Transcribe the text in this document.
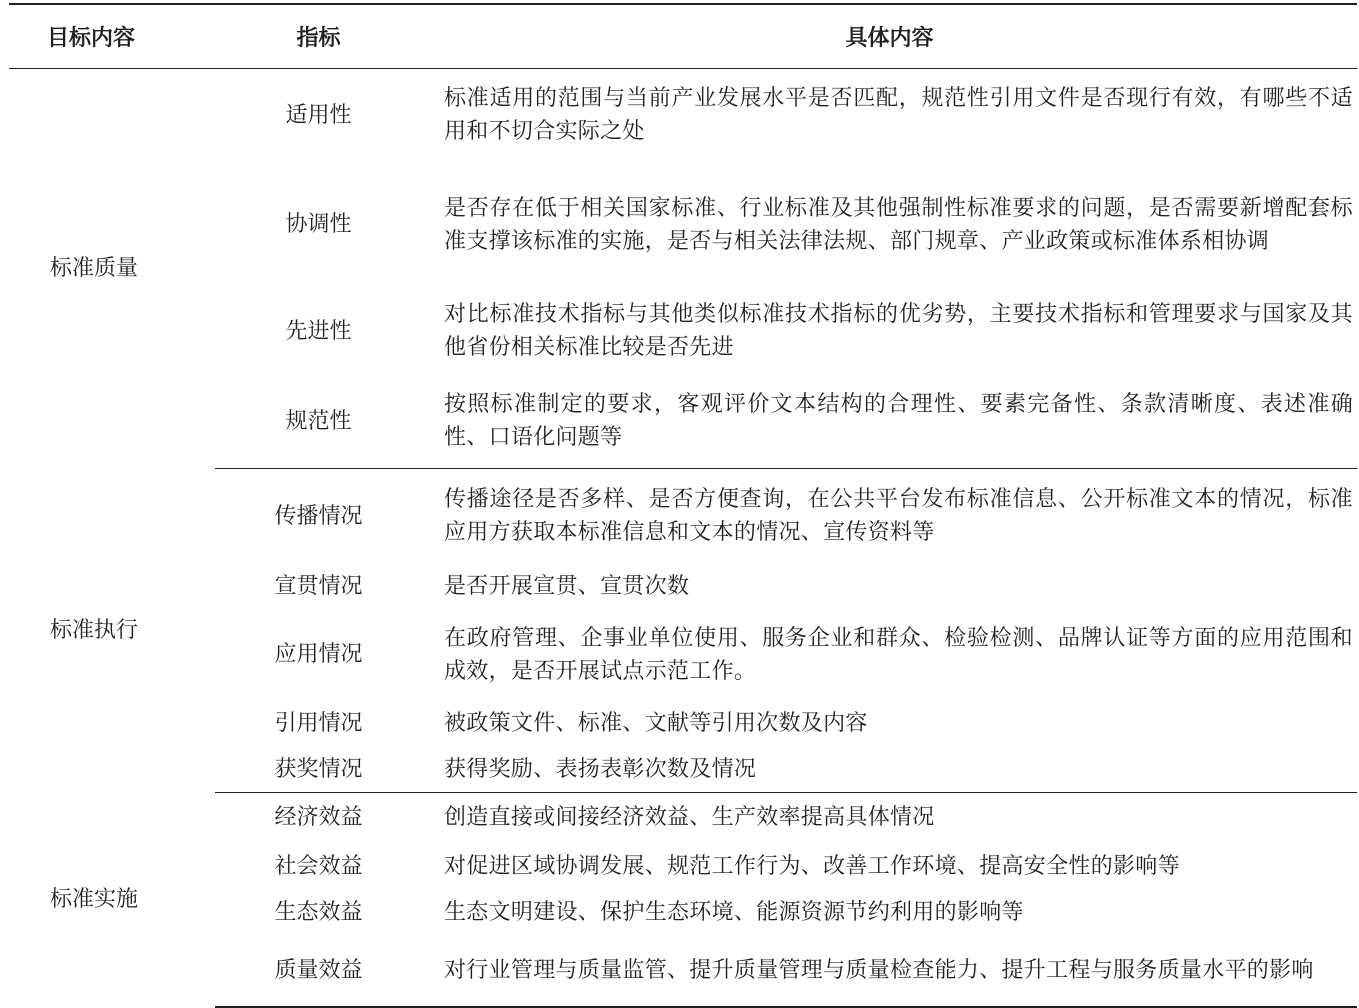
目标内容	指标	具体内容
标准质量	适用性	标准适用的范围与当前产业发展水平是否匹配，规范性引用文件是否现行有效，有哪些不适用和不切合实际之处
	协调性	是否存在低于相关国家标准、行业标准及其他强制性标准要求的问题，是否需要新增配套标准支撑该标准的实施，是否与相关法律法规、部门规章、产业政策或标准体系相协调
	先进性	对比标准技术指标与其他类似标准技术指标的优劣势，主要技术指标和管理要求与国家及其他省份相关标准比较是否先进
	规范性	按照标准制定的要求，客观评价文本结构的合理性、要素完备性、条款清晰度、表述准确性、口语化问题等
标准执行	传播情况	传播途径是否多样、是否方便查询，在公共平台发布标准信息、公开标准文本的情况，标准应用方获取本标准信息和文本的情况、宣传资料等
	宣贯情况	是否开展宣贯、宣贯次数
	应用情况	在政府管理、企事业单位使用、服务企业和群众、检验检测、品牌认证等方面的应用范围和成效，是否开展试点示范工作。
	引用情况	被政策文件、标准、文献等引用次数及内容
	获奖情况	获得奖励、表扬表彰次数及情况
标准实施	经济效益	创造直接或间接经济效益、生产效率提高具体情况
	社会效益	对促进区域协调发展、规范工作行为、改善工作环境、提高安全性的影响等
	生态效益	生态文明建设、保护生态环境、能源资源节约利用的影响等
	质量效益	对行业管理与质量监管、提升质量管理与质量检查能力、提升工程与服务质量水平的影响
